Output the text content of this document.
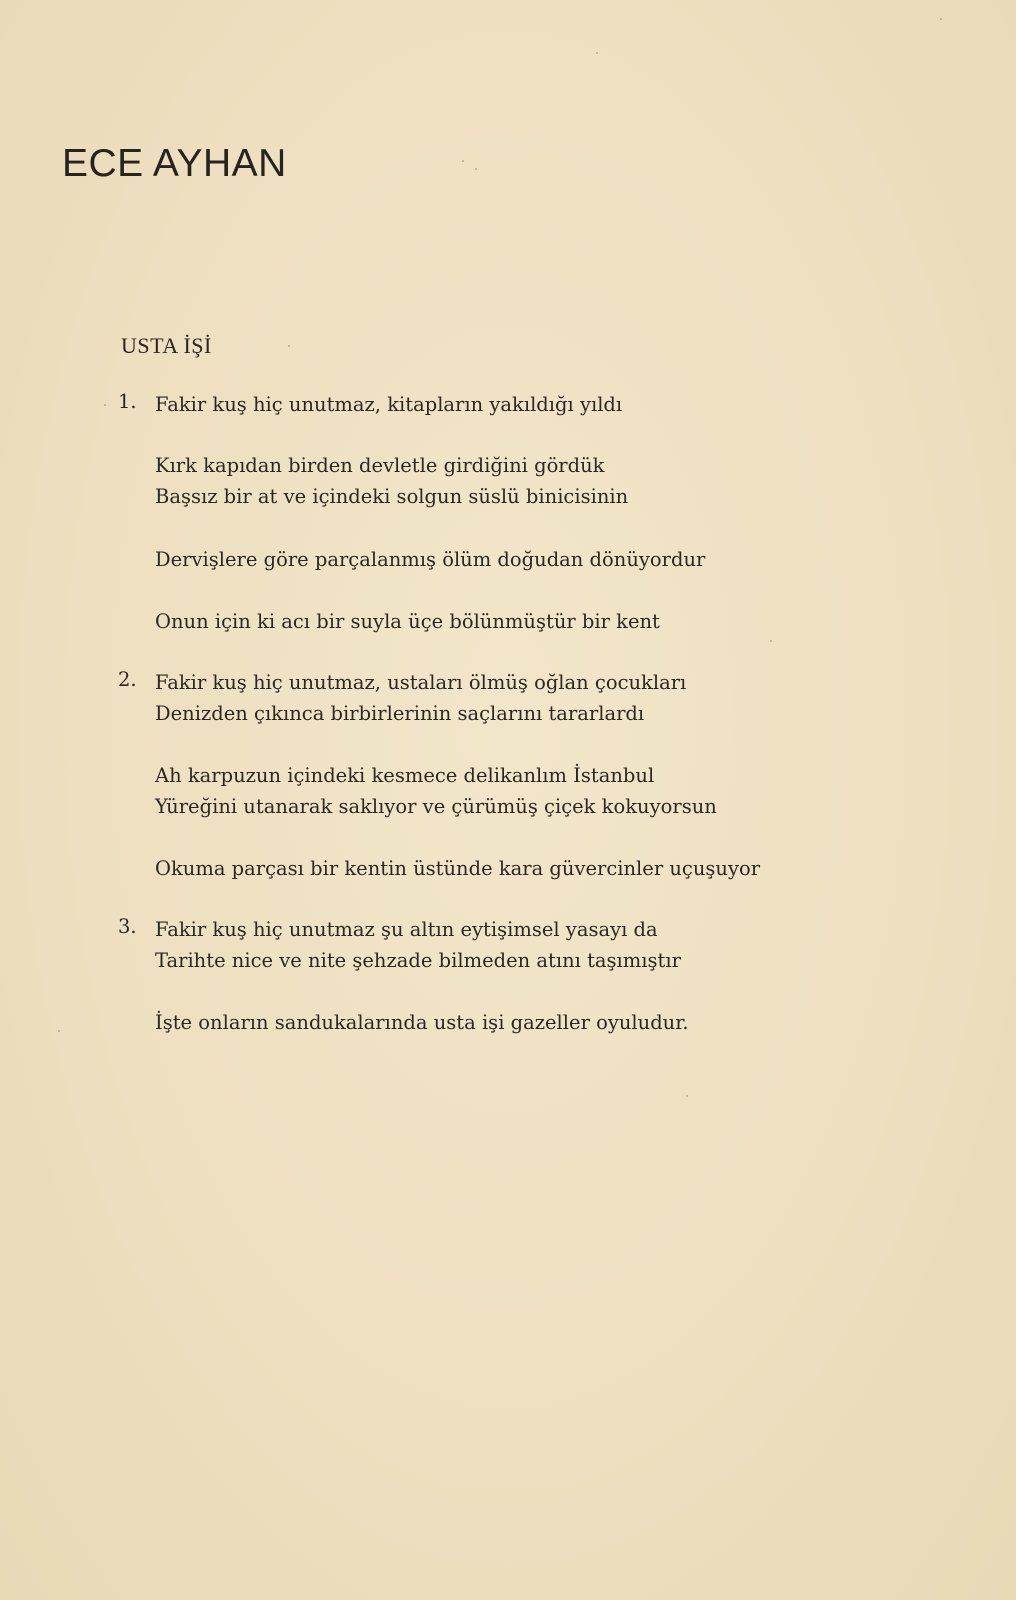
ECE AYHAN
USTA İŞİ

1. Fakir kuş hiç unutmaz, kitapların yakıldığı yıldı

Kırk kapıdan birden devletle girdiğini gördük

Başsız bir at ve içindeki solgun süslü binicisinin

Dervişlere göre parçalanmış ölüm doğudan dönüyordur

Onun için ki acı bir suyla üçe bölünmüştür bir kent

2. Fakir kuş hiç unutmaz, ustaları ölmüş oğlan çocukları

Denizden çıkınca birbirlerinin saçlarını tararlardı

Ah karpuzun içindeki kesmece delikanlım İstanbul

Yüreğini utanarak saklıyor ve çürümüş çiçek kokuyorsun

Okuma parçası bir kentin üstünde kara güvercinler uçuşuyor

3. Fakir kuş hiç unutmaz şu altın eytişimsel yasayı da

Tarihte nice ve nite şehzade bilmeden atını taşımıştır

İşte onların sandukalarında usta işi gazeller oyuludur.
